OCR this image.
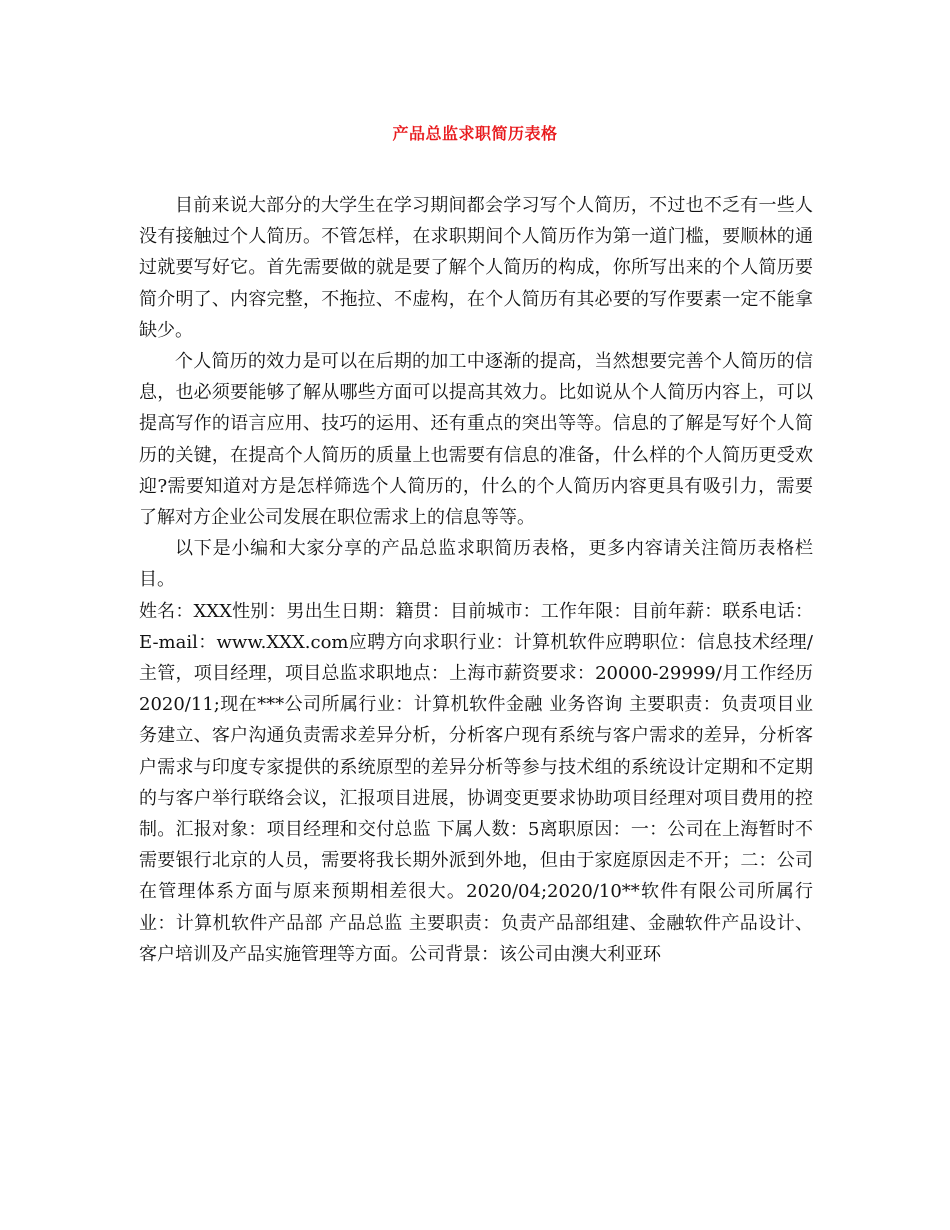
产品总监求职简历表格

目前来说大部分的大学生在学习期间都会学习写个人简历，不过也不乏有一些人没有接触过个人简历。不管怎样，在求职期间个人简历作为第一道门槛，要顺林的通过就要写好它。首先需要做的就是要了解个人简历的构成，你所写出来的个人简历要简介明了、内容完整，不拖拉、不虚构，在个人简历有其必要的写作要素一定不能拿缺少。

个人简历的效力是可以在后期的加工中逐渐的提高，当然想要完善个人简历的信息，也必须要能够了解从哪些方面可以提高其效力。比如说从个人简历内容上，可以提高写作的语言应用、技巧的运用、还有重点的突出等等。信息的了解是写好个人简历的关键，在提高个人简历的质量上也需要有信息的准备，什么样的个人简历更受欢迎?需要知道对方是怎样筛选个人简历的，什么的个人简历内容更具有吸引力，需要了解对方企业公司发展在职位需求上的信息等等。

以下是小编和大家分享的产品总监求职简历表格，更多内容请关注简历表格栏目。

姓名：XXX性别：男出生日期：籍贯：目前城市：工作年限：目前年薪：联系电话：E-mail：www.XXX.com应聘方向求职行业：计算机软件应聘职位：信息技术经理/主管，项目经理，项目总监求职地点：上海市薪资要求：20000-29999/月工作经历2020/11;现在***公司所属行业：计算机软件金融 业务咨询 主要职责：负责项目业务建立、客户沟通负责需求差异分析，分析客户现有系统与客户需求的差异，分析客户需求与印度专家提供的系统原型的差异分析等参与技术组的系统设计定期和不定期的与客户举行联络会议，汇报项目进展，协调变更要求协助项目经理对项目费用的控制。汇报对象：项目经理和交付总监 下属人数：5离职原因：一：公司在上海暂时不需要银行北京的人员，需要将我长期外派到外地，但由于家庭原因走不开；二：公司在管理体系方面与原来预期相差很大。2020/04;2020/10**软件有限公司所属行业：计算机软件产品部 产品总监 主要职责：负责产品部组建、金融软件产品设计、客户培训及产品实施管理等方面。公司背景：该公司由澳大利亚环
